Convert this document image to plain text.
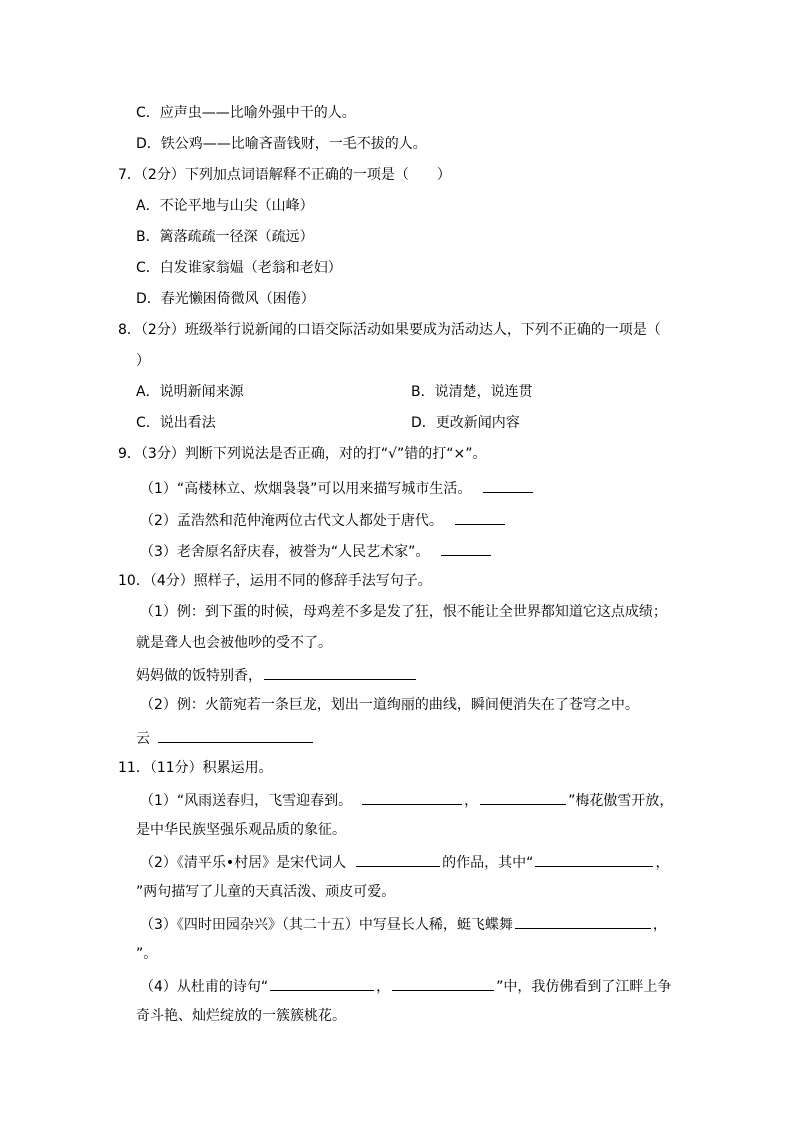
C．应声虫——比喻外强中干的人。
D．铁公鸡——比喻吝啬钱财，一毛不拔的人。
7．（2分）下列加点词语解释不正确的一项是（　　）
A．不论平地与山尖（山峰）
B．篱落疏疏一径深（疏远）
C．白发谁家翁媪（老翁和老妇）
D．春光懒困倚微风（困倦）
8．（2分）班级举行说新闻的口语交际活动如果要成为活动达人，下列不正确的一项是（
）
A．说明新闻来源	B．说清楚，说连贯
C．说出看法	D．更改新闻内容
9．（3分）判断下列说法是否正确，对的打“√”错的打“×”。
（1）“高楼林立、炊烟袅袅”可以用来描写城市生活。
（2）孟浩然和范仲淹两位古代文人都处于唐代。
（3）老舍原名舒庆春，被誉为“人民艺术家”。
10．（4分）照样子，运用不同的修辞手法写句子。
（1）例：到下蛋的时候，母鸡差不多是发了狂，恨不能让全世界都知道它这点成绩；
就是聋人也会被他吵的受不了。
妈妈做的饭特别香，
（2）例：火箭宛若一条巨龙，划出一道绚丽的曲线，瞬间便消失在了苍穹之中。
云
11．（11分）积累运用。
（1）“风雨送春归，飞雪迎春到。	，	”梅花傲雪开放，
是中华民族坚强乐观品质的象征。
（2）《清平乐•村居》是宋代词人	的作品，其中“	，
”两句描写了儿童的天真活泼、顽皮可爱。
（3）《四时田园杂兴》（其二十五）中写昼长人稀，蜓飞蝶舞	，
”。
（4）从杜甫的诗句“	，	”中，我仿佛看到了江畔上争
奇斗艳、灿烂绽放的一簇簇桃花。
